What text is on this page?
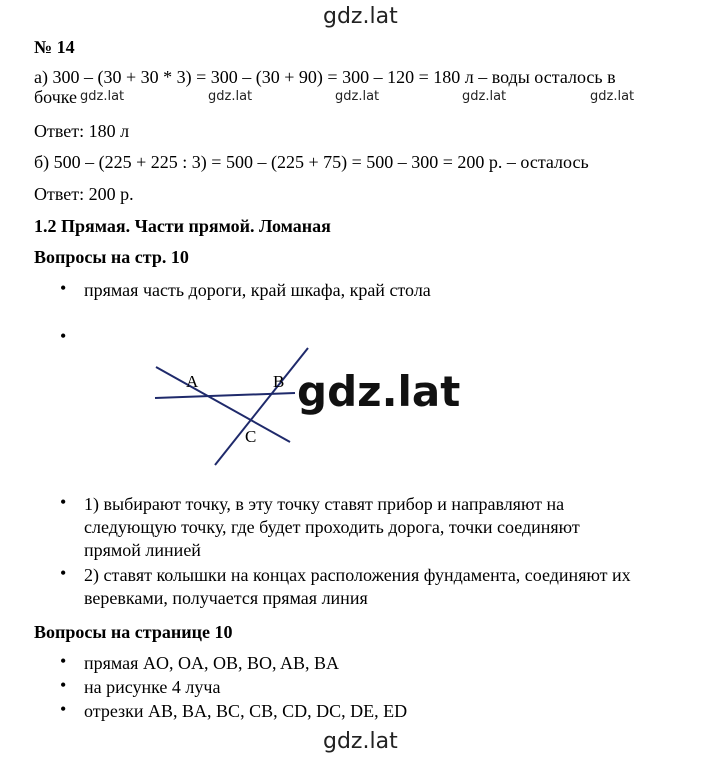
gdz.lat
№ 14
а) 300 – (30 + 30 * 3) = 300 – (30 + 90) = 300 – 120 = 180 л – воды осталось в
бочке gdz.lat	gdz.lat	gdz.lat	gdz.lat	gdz.lat
Ответ: 180 л
б) 500 – (225 + 225 : 3) = 500 – (225 + 75) = 500 – 300 = 200 р. – осталось
Ответ: 200 р.
1.2 Прямая. Части прямой. Ломаная
Вопросы на стр. 10
• прямая часть дороги, край шкафа, край стола
•
A	B
C
gdz.lat
• 1) выбирают точку, в эту точку ставят прибор и направляют на
следующую точку, где будет проходить дорога, точки соединяют
прямой линией
• 2) ставят колышки на концах расположения фундамента, соединяют их
веревками, получается прямая линия
Вопросы на странице 10
• прямая AO, OA, OB, BO, AB, BA
• на рисунке 4 луча
• отрезки AB, BA, BC, CB, CD, DC, DE, ED
gdz.lat
